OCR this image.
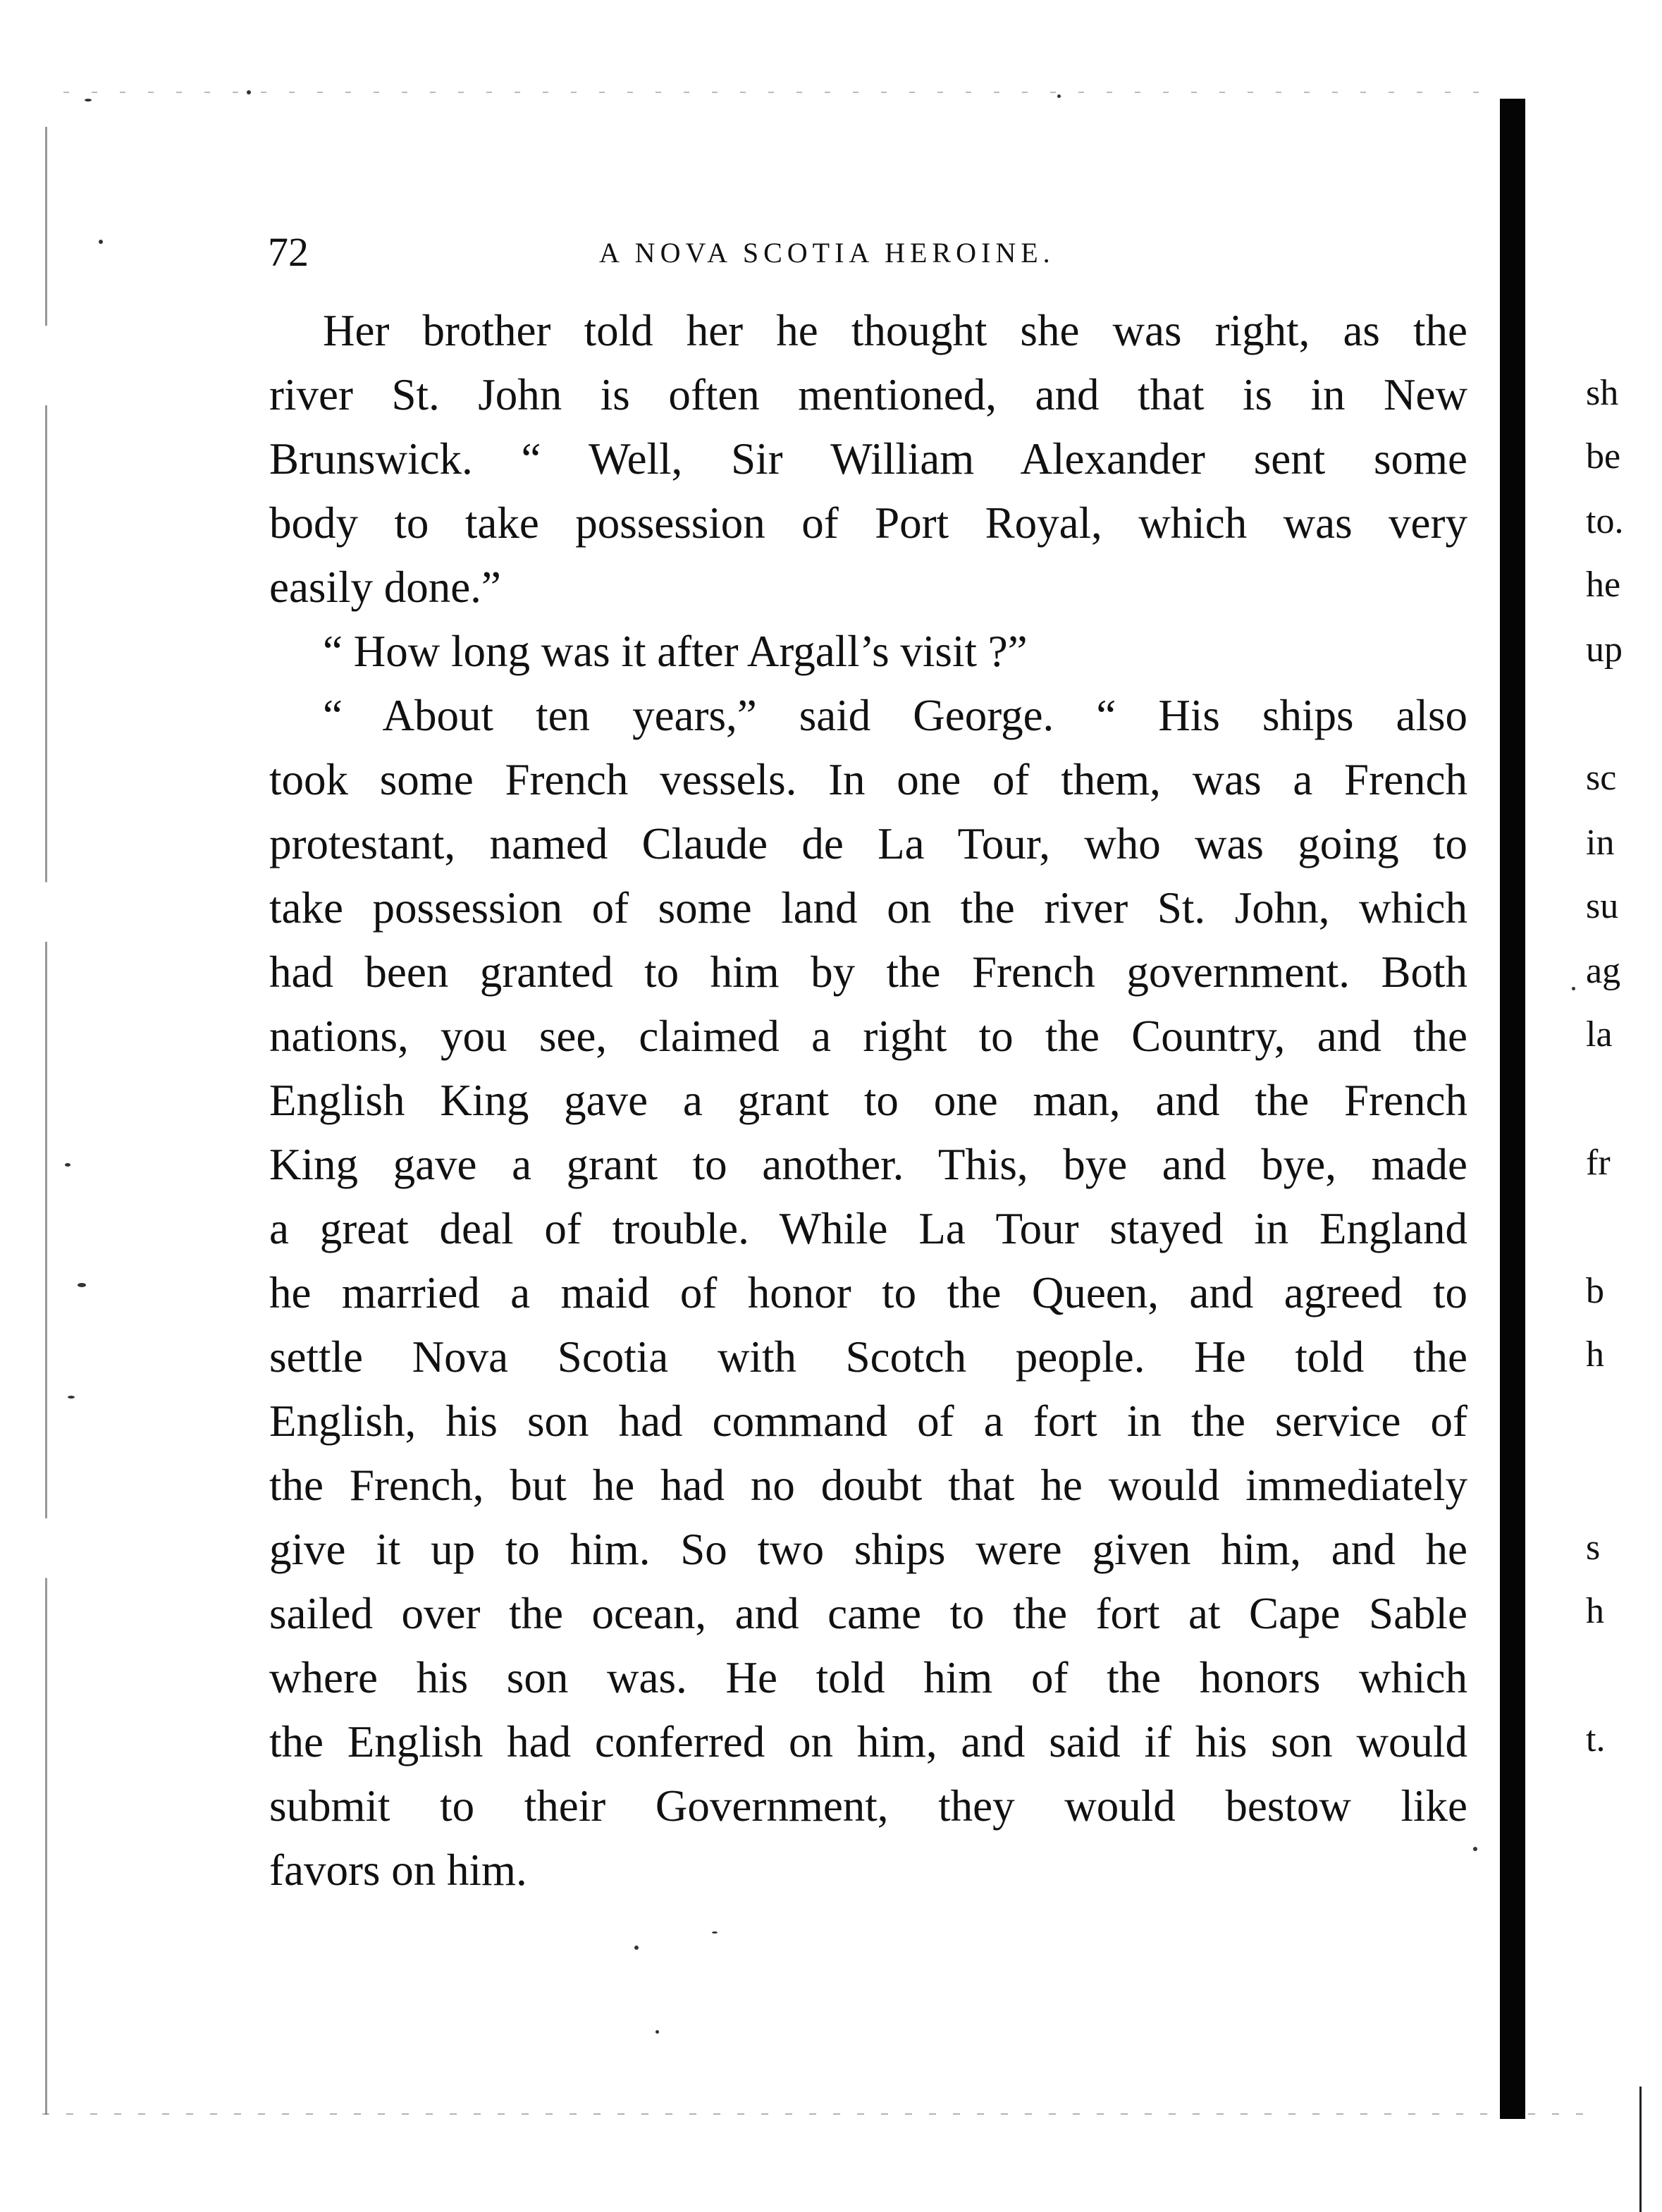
72	A NOVA SCOTIA HEROINE.
Her brother told her he thought she was right, as the
river St. John is often mentioned, and that is in New
Brunswick. “ Well, Sir William Alexander sent some
body to take possession of Port Royal, which was very
easily done.”
“ How long was it after Argall’s visit ?”
“ About ten years,” said George. “ His ships also
took some French vessels. In one of them, was a French
protestant, named Claude de La Tour, who was going to
take possession of some land on the river St. John, which
had been granted to him by the French government. Both
nations, you see, claimed a right to the Country, and the
English King gave a grant to one man, and the French
King gave a grant to another. This, bye and bye, made
a great deal of trouble. While La Tour stayed in England
he married a maid of honor to the Queen, and agreed to
settle Nova Scotia with Scotch people. He told the
English, his son had command of a fort in the service of
the French, but he had no doubt that he would immediately
give it up to him. So two ships were given him, and he
sailed over the ocean, and came to the fort at Cape Sable
where his son was. He told him of the honors which
the English had conferred on him, and said if his son would
submit to their Government, they would bestow like
favors on him.
sh
be
to.
he
up
sc
in
su
ag
la
fr
b
h
s
h
t.
